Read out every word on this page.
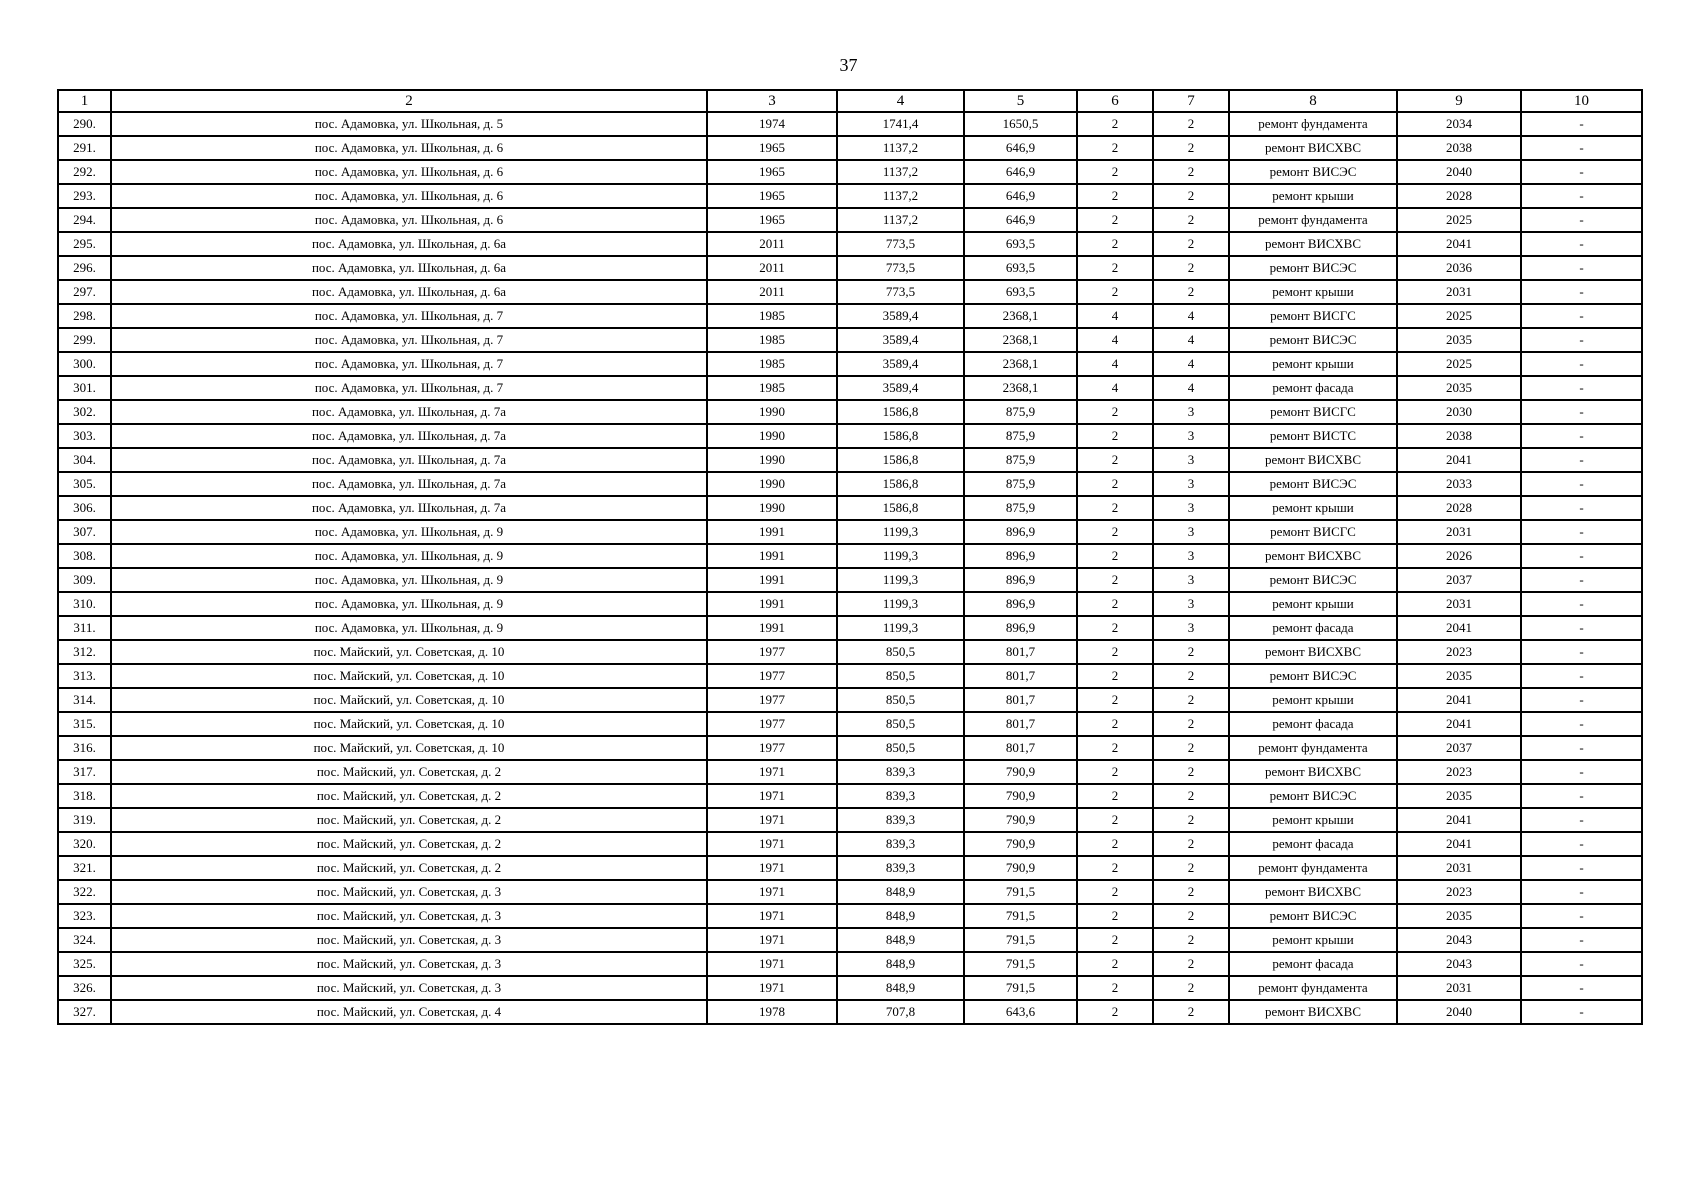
37
1	2	3	4	5	6	7	8	9	10
290.	пос. Адамовка, ул. Школьная, д. 5	1974	1741,4	1650,5	2	2	ремонт фундамента	2034	-
291.	пос. Адамовка, ул. Школьная, д. 6	1965	1137,2	646,9	2	2	ремонт ВИСХВС	2038	-
292.	пос. Адамовка, ул. Школьная, д. 6	1965	1137,2	646,9	2	2	ремонт ВИСЭС	2040	-
293.	пос. Адамовка, ул. Школьная, д. 6	1965	1137,2	646,9	2	2	ремонт крыши	2028	-
294.	пос. Адамовка, ул. Школьная, д. 6	1965	1137,2	646,9	2	2	ремонт фундамента	2025	-
295.	пос. Адамовка, ул. Школьная, д. 6а	2011	773,5	693,5	2	2	ремонт ВИСХВС	2041	-
296.	пос. Адамовка, ул. Школьная, д. 6а	2011	773,5	693,5	2	2	ремонт ВИСЭС	2036	-
297.	пос. Адамовка, ул. Школьная, д. 6а	2011	773,5	693,5	2	2	ремонт крыши	2031	-
298.	пос. Адамовка, ул. Школьная, д. 7	1985	3589,4	2368,1	4	4	ремонт ВИСГС	2025	-
299.	пос. Адамовка, ул. Школьная, д. 7	1985	3589,4	2368,1	4	4	ремонт ВИСЭС	2035	-
300.	пос. Адамовка, ул. Школьная, д. 7	1985	3589,4	2368,1	4	4	ремонт крыши	2025	-
301.	пос. Адамовка, ул. Школьная, д. 7	1985	3589,4	2368,1	4	4	ремонт фасада	2035	-
302.	пос. Адамовка, ул. Школьная, д. 7а	1990	1586,8	875,9	2	3	ремонт ВИСГС	2030	-
303.	пос. Адамовка, ул. Школьная, д. 7а	1990	1586,8	875,9	2	3	ремонт ВИСТС	2038	-
304.	пос. Адамовка, ул. Школьная, д. 7а	1990	1586,8	875,9	2	3	ремонт ВИСХВС	2041	-
305.	пос. Адамовка, ул. Школьная, д. 7а	1990	1586,8	875,9	2	3	ремонт ВИСЭС	2033	-
306.	пос. Адамовка, ул. Школьная, д. 7а	1990	1586,8	875,9	2	3	ремонт крыши	2028	-
307.	пос. Адамовка, ул. Школьная, д. 9	1991	1199,3	896,9	2	3	ремонт ВИСГС	2031	-
308.	пос. Адамовка, ул. Школьная, д. 9	1991	1199,3	896,9	2	3	ремонт ВИСХВС	2026	-
309.	пос. Адамовка, ул. Школьная, д. 9	1991	1199,3	896,9	2	3	ремонт ВИСЭС	2037	-
310.	пос. Адамовка, ул. Школьная, д. 9	1991	1199,3	896,9	2	3	ремонт крыши	2031	-
311.	пос. Адамовка, ул. Школьная, д. 9	1991	1199,3	896,9	2	3	ремонт фасада	2041	-
312.	пос. Майский, ул. Советская, д. 10	1977	850,5	801,7	2	2	ремонт ВИСХВС	2023	-
313.	пос. Майский, ул. Советская, д. 10	1977	850,5	801,7	2	2	ремонт ВИСЭС	2035	-
314.	пос. Майский, ул. Советская, д. 10	1977	850,5	801,7	2	2	ремонт крыши	2041	-
315.	пос. Майский, ул. Советская, д. 10	1977	850,5	801,7	2	2	ремонт фасада	2041	-
316.	пос. Майский, ул. Советская, д. 10	1977	850,5	801,7	2	2	ремонт фундамента	2037	-
317.	пос. Майский, ул. Советская, д. 2	1971	839,3	790,9	2	2	ремонт ВИСХВС	2023	-
318.	пос. Майский, ул. Советская, д. 2	1971	839,3	790,9	2	2	ремонт ВИСЭС	2035	-
319.	пос. Майский, ул. Советская, д. 2	1971	839,3	790,9	2	2	ремонт крыши	2041	-
320.	пос. Майский, ул. Советская, д. 2	1971	839,3	790,9	2	2	ремонт фасада	2041	-
321.	пос. Майский, ул. Советская, д. 2	1971	839,3	790,9	2	2	ремонт фундамента	2031	-
322.	пос. Майский, ул. Советская, д. 3	1971	848,9	791,5	2	2	ремонт ВИСХВС	2023	-
323.	пос. Майский, ул. Советская, д. 3	1971	848,9	791,5	2	2	ремонт ВИСЭС	2035	-
324.	пос. Майский, ул. Советская, д. 3	1971	848,9	791,5	2	2	ремонт крыши	2043	-
325.	пос. Майский, ул. Советская, д. 3	1971	848,9	791,5	2	2	ремонт фасада	2043	-
326.	пос. Майский, ул. Советская, д. 3	1971	848,9	791,5	2	2	ремонт фундамента	2031	-
327.	пос. Майский, ул. Советская, д. 4	1978	707,8	643,6	2	2	ремонт ВИСХВС	2040	-
